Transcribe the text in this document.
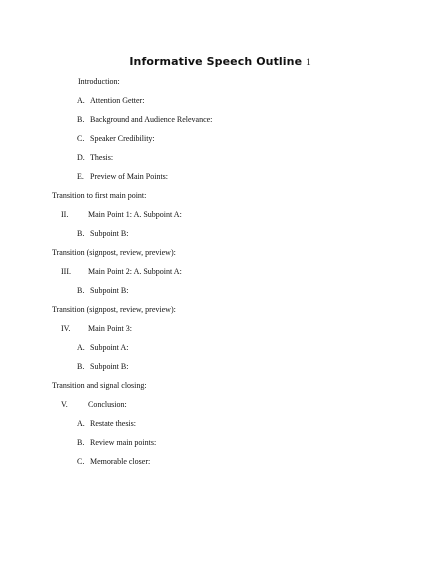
Informative Speech Outline 1
Introduction:
A. Attention Getter:
B. Background and Audience Relevance:
C. Speaker Credibility:
D. Thesis:
E. Preview of Main Points:
Transition to first main point:
II. Main Point 1: A. Subpoint A:
B. Subpoint B:
Transition (signpost, review, preview):
III. Main Point 2: A. Subpoint A:
B. Subpoint B:
Transition (signpost, review, preview):
IV. Main Point 3:
A. Subpoint A:
B. Subpoint B:
Transition and signal closing:
V.	Conclusion:
A. Restate thesis:
B. Review main points:
C. Memorable closer:
